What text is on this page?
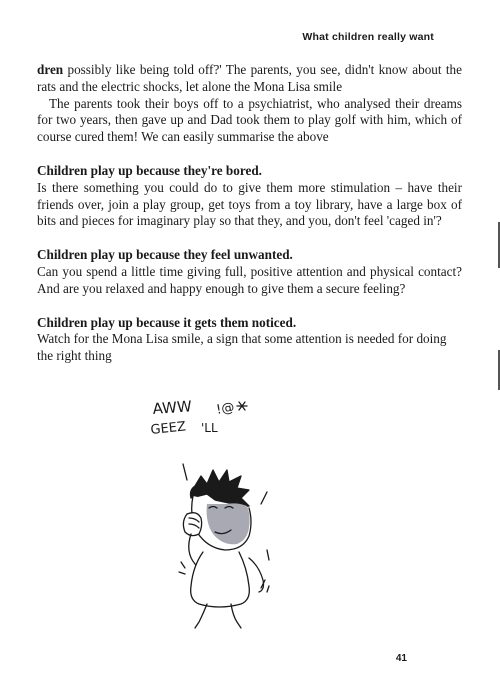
What children really want

dren possibly like being told off?' The parents, you see, didn't know about the rats and the electric shocks, let alone the Mona Lisa smile

The parents took their boys off to a psychiatrist, who analysed their dreams for two years, then gave up and Dad took them to play golf with him, which of course cured them! We can easily summarise the above

Children play up because they're bored.

Is there something you could do to give them more stimulation – have their friends over, join a play group, get toys from a toy library, have a large box of bits and pieces for imaginary play so that they, and you, don't feel 'caged in'?

Children play up because they feel unwanted.

Can you spend a little time giving full, positive attention and physical contact? And are you relaxed and happy enough to give them a secure feeling?

Children play up because it gets them noticed.

Watch for the Mona Lisa smile, a sign that some attention is needed for doing the right thing

AWW
GEEZ 'LL
!@
41
